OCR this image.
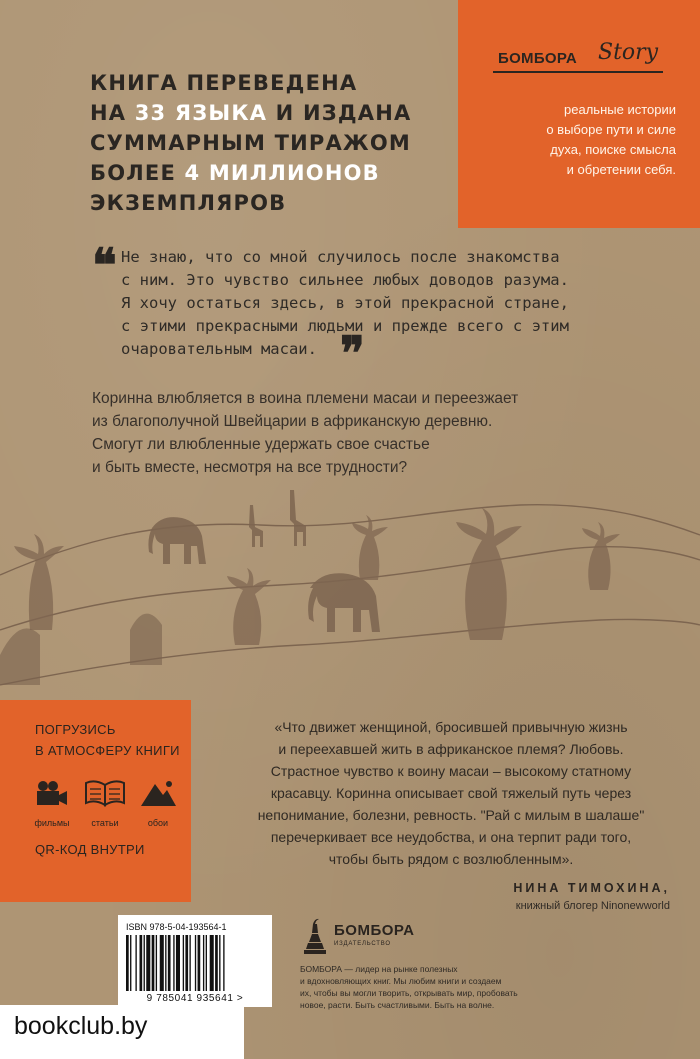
БОМБОРА Story
реальные истории
о выборе пути и силе
духа, поиске смысла
и обретении себя.
КНИГА ПЕРЕВЕДЕНА
НА 33 ЯЗЫКА И ИЗДАНА
СУММАРНЫМ ТИРАЖОМ
БОЛЕЕ 4 МИЛЛИОНОВ
ЭКЗЕМПЛЯРОВ
❝ Не знаю, что со мной случилось после знакомства
с ним. Это чувство сильнее любых доводов разума.
Я хочу остаться здесь, в этой прекрасной стране,
с этими прекрасными людьми и прежде всего с этим
очаровательным масаи. ❞
Коринна влюбляется в воина племени масаи и переезжает
из благополучной Швейцарии в африканскую деревню.
Смогут ли влюбленные удержать свое счастье
и быть вместе, несмотря на все трудности?
ПОГРУЗИСЬ
В АТМОСФЕРУ КНИГИ
фильмы	статьи	обои
QR-КОД ВНУТРИ
«Что движет женщиной, бросившей привычную жизнь
и переехавшей жить в африканское племя? Любовь.
Страстное чувство к воину масаи – высокому статному
красавцу. Коринна описывает свой тяжелый путь через
непонимание, болезни, ревность. "Рай с милым в шалаше"
перечеркивает все неудобства, и она терпит ради того,
чтобы быть рядом с возлюбленным».
НИНА ТИМОХИНА,
книжный блогер Ninonewworld
ISBN 978-5-04-193564-1
9 785041 935641 >
БОМБОРА
ИЗДАТЕЛЬСТВО
БОМБОРА — лидер на рынке полезных
и вдохновляющих книг. Мы любим книги и создаем
их, чтобы вы могли творить, открывать мир, пробовать
новое, расти. Быть счастливыми. Быть на волне.
bookclub.by
